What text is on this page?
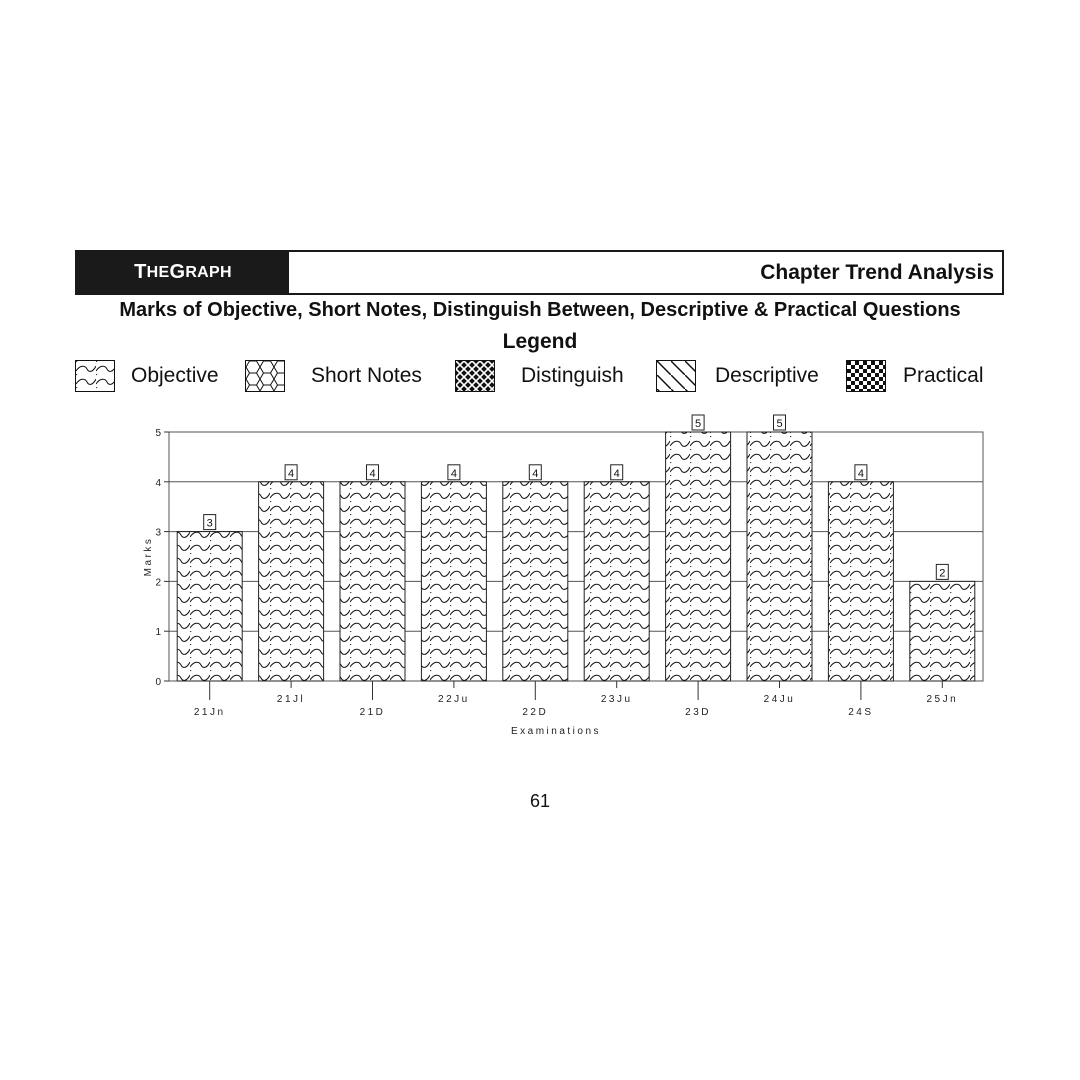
T HE G RAPH	Chapter Trend Analysis
Marks of Objective, Short Notes, Distinguish Between, Descriptive & Practical Questions
Legend
Objective	Short Notes	Distinguish	Descriptive	Practical
3
4	4	4	4	4
5	5
4
2
0
1
2
3
4
5
21Jn
21Jl
21D
22Ju
22D
23Ju
23D
24Ju
24S
25Jn
Examinations
Marks
61
